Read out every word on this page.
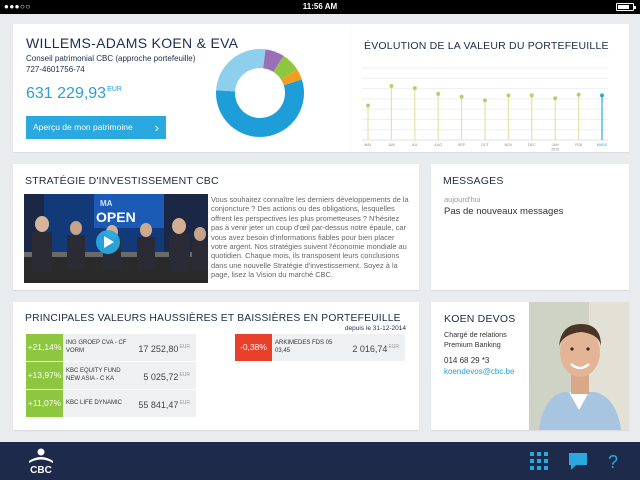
●●●○○	11:56 AM
WILLEMS-ADAMS KOEN & EVA
Conseil patrimonial CBC (approche portefeuille)
727-4601756-74
631 $229,93^{EUR}$
Aperçu de mon patrimoine ›
ÉVOLUTION DE LA VALEUR DU PORTEFEUILLE
MAY	JUN	JUL	AUG	SEP	OCT	NOV	DEC	JAN	FEB	MARS
2015
STRATÉGIE D'INVESTISSEMENT CBC
MA
OPEN
Vous souhaitez connaître les derniers développements de la conjoncture ? Des actions ou des obligations, lesquelles offrent les perspectives les plus prometteuses ? N'hésitez pas à venir jeter un coup d'œil par-dessus notre épaule, car vous avez besoin d'informations fiables pour bien placer votre argent. Nos stratégies suivent l'économie mondiale au quotidien. Chaque mois, ils transposent leurs conclusions dans une nouvelle Stratégie d'investissement. Soyez à la page, lisez la Vision du marché CBC.
MESSAGES
aujourd'hui
Pas de nouveaux messages
PRINCIPALES VALEURS HAUSSIÈRES ET BAISSIÈRES EN PORTEFEUILLE
depuis le 31-12-2014
+21,14% ING GROEP CVA - CF VORM	17 $252,80^{EUR}$
+13,97% KBC EQUITY FUND NEW ASIA - C KA	5 $025,72^{EUR}$
+11,07% KBC LIFE DYNAMIC	55 $841,47^{EUR}$
-0,38%	ARKIMEDES FDS 05 03,45	2 $016,74^{EUR}$
KOEN DEVOS
Chargé de relations Premium Banking
014 68 29 *3
koendevos@cbc.be
CBC	?
